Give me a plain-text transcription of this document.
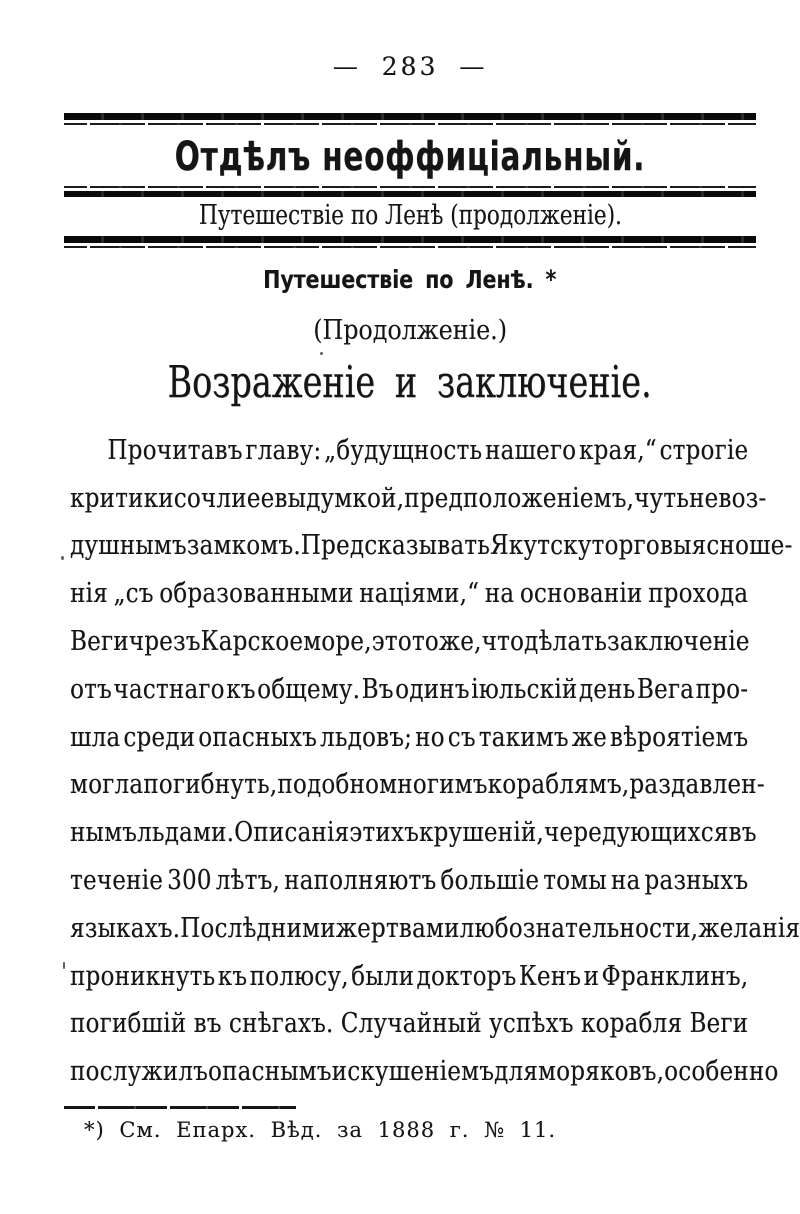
— 283 —
Отдѣлъ неоффиціальный.
Путешествіе по Ленѣ (продолженіе).
Путешествіе по Ленѣ. *
(Продолженіе.)
Возраженіе и заключеніе.
Прочитавъ главу: „будущность нашего края,“ строгіе
критики сочли ее выдумкой, предположеніемъ, чуть не воз-
душнымъ замкомъ. Предсказывать Якутску торговыя сноше-
нія „съ образованными націями,“ на основаніи прохода
Веги чрезъ Карское море, это тоже, что дѣлать заключеніе
отъ частнаго къ общему. Въ одинъ іюльскій день Вега про-
шла среди опасныхъ льдовъ; но съ такимъ же вѣроятіемъ
могла погибнуть, подобно многимъ кораблямъ, раздавлен-
нымъ льдами. Описанія этихъ крушеній, чередующихся въ
теченіе 300 лѣтъ, наполняютъ большіе томы на разныхъ
языкахъ. Послѣдними жертвами любознательности, желанія
проникнуть къ полюсу, были докторъ Кенъ и Франклинъ,
погибшій въ снѣгахъ. Случайный успѣхъ корабля Веги
послужилъ опаснымъ искушеніемъ для моряковъ, особенно
*) См. Епарх. Вѣд. за 1888 г. № 11.
